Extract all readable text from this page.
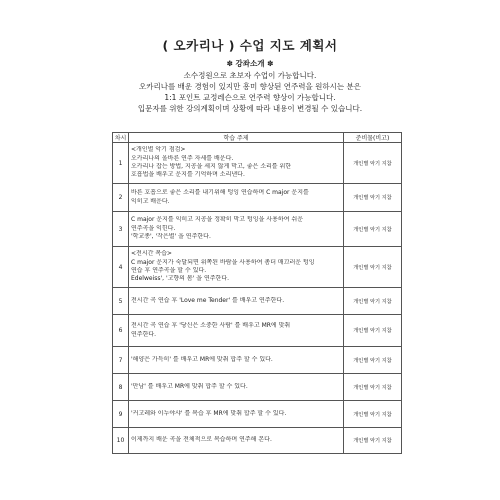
( 오카리나 ) 수업 지도 계획서
✽ 강좌소개 ✽
소수정원으로 초보자 수업이 가능합니다.
오카리나를 배운 경험이 있지만 흥미 향상된 연주력을 원하시는 분은
1:1 포인트 교정레슨으로 연주력 향상이 가능합니다.
입문자를 위한 강의계획이며 상황에 따라 내용이 변경될 수 있습니다.
차시	학습 주제	준비물(비고)
1	<개인별 악기 점검>
오카리나의 올바른 연주 자세를 배운다.
오카리나 잡는 방법, 지공을 세지 않게 막고, 좋은 소리를 위한
호흡법을 배우고 운지를 기억하며 소리낸다.	개인별 악기 지참
2	바른 호흡으로 좋은 소리를 내기위해 텅잉 연습하며 C major 운지를
익히고 배운다.	개인별 악기 지참
3	C major 운지를 익히고 지공을 정확히 막고 텅잉을 사용하여 쉬운
연주곡을 익힌다.
'학교종', '작은별' 을 연주한다.	개인별 악기 지참
4	<전시간 복습>
C major 운지가 숙달되면 위쪽된 바람을 사용하여 좀더 매끄러운 텅잉
연습 후 연주곡을 할 수 있다.
Edelweiss', '고향의 봄' 을 연주한다.	개인별 악기 지참
5	전시간 곡 연습 후 'Love me Tender' 를 배우고 연주한다.	개인별 악기 지참
6	전시간 곡 연습 후 '당신은 소중한 사람' 를 배우고 MR에 맞춰
연주한다.	개인별 악기 지참
7	'해양은 가득히' 를 배우고 MR에 맞춰 합주 할 수 있다.	개인별 악기 지참
8	'만남' 를 배우고 MR에 맞춰 합주 할 수 있다.	개인별 악기 지참
9	'커고레와 이누야샤' 를 복습 후 MR에 맞춰 합주 할 수 있다.	개인별 악기 지참
10	이제까지 배운 곡을 전체적으로 복습하며 연주해 본다.	개인별 악기 지참
